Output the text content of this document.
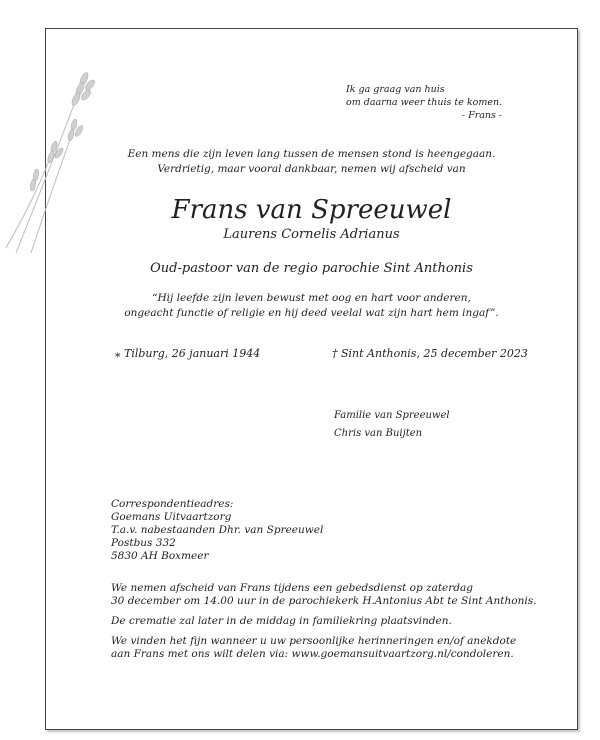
Ik ga graag van huis
om daarna weer thuis te komen.
- Frans -
Een mens die zijn leven lang tussen de mensen stond is heengegaan.
Verdrietig, maar vooral dankbaar, nemen wij afscheid van
Frans van Spreeuwel
Laurens Cornelis Adrianus
Oud-pastoor van de regio parochie Sint Anthonis
“Hij leefde zijn leven bewust met oog en hart voor anderen,
ongeacht functie of religie en hij deed veelal wat zijn hart hem ingaf”.
⁎ Tilburg, 26 januari 1944	† Sint Anthonis, 25 december 2023
Familie van Spreeuwel
Chris van Buijten
Correspondentieadres:
Goemans Uitvaartzorg
T.a.v. nabestaanden Dhr. van Spreeuwel
Postbus 332
5830 AH Boxmeer

We nemen afscheid van Frans tijdens een gebedsdienst op zaterdag
30 december om 14.00 uur in de parochiekerk H.Antonius Abt te Sint Anthonis.

De crematie zal later in de middag in familiekring plaatsvinden.

We vinden het fijn wanneer u uw persoonlijke herinneringen en/of anekdote
aan Frans met ons wilt delen via: www.goemansuitvaartzorg.nl/condoleren.
